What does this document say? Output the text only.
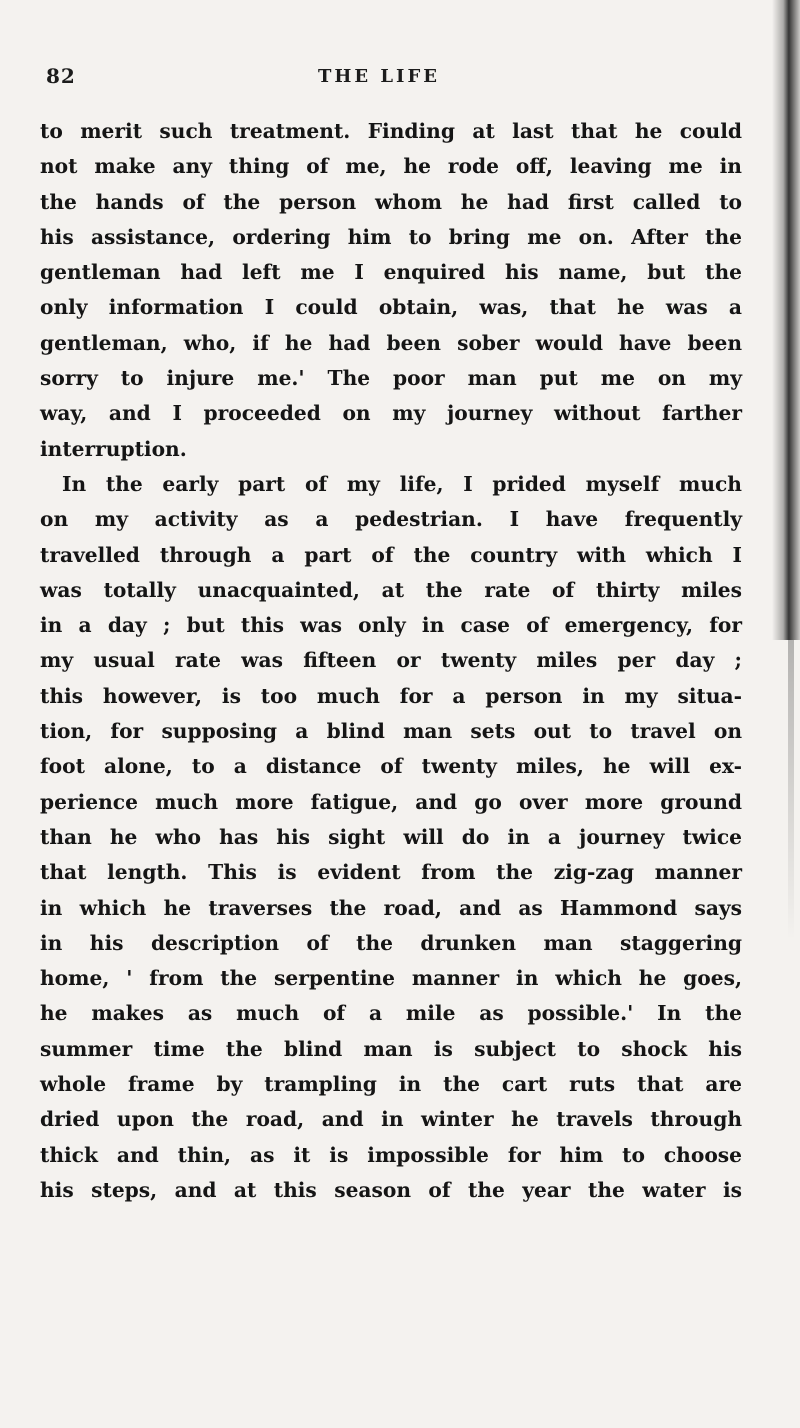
82	THE LIFE
to merit such treatment. Finding at last that he could
not make any thing of me, he rode off, leaving me in
the hands of the person whom he had first called to
his assistance, ordering him to bring me on. After the
gentleman had left me I enquired his name, but the
only information I could obtain, was, that he was a
gentleman, who, if he had been sober would have been
sorry to injure me.' The poor man put me on my
way, and I proceeded on my journey without farther
interruption.
In the early part of my life, I prided myself much
on my activity as a pedestrian. I have frequently
travelled through a part of the country with which I
was totally unacquainted, at the rate of thirty miles
in a day ; but this was only in case of emergency, for
my usual rate was fifteen or twenty miles per day ;
this however, is too much for a person in my situa-
tion, for supposing a blind man sets out to travel on
foot alone, to a distance of twenty miles, he will ex-
perience much more fatigue, and go over more ground
than he who has his sight will do in a journey twice
that length. This is evident from the zig-zag manner
in which he traverses the road, and as Hammond says
in his description of the drunken man staggering
home, ' from the serpentine manner in which he goes,
he makes as much of a mile as possible.' In the
summer time the blind man is subject to shock his
whole frame by trampling in the cart ruts that are
dried upon the road, and in winter he travels through
thick and thin, as it is impossible for him to choose
his steps, and at this season of the year the water is
